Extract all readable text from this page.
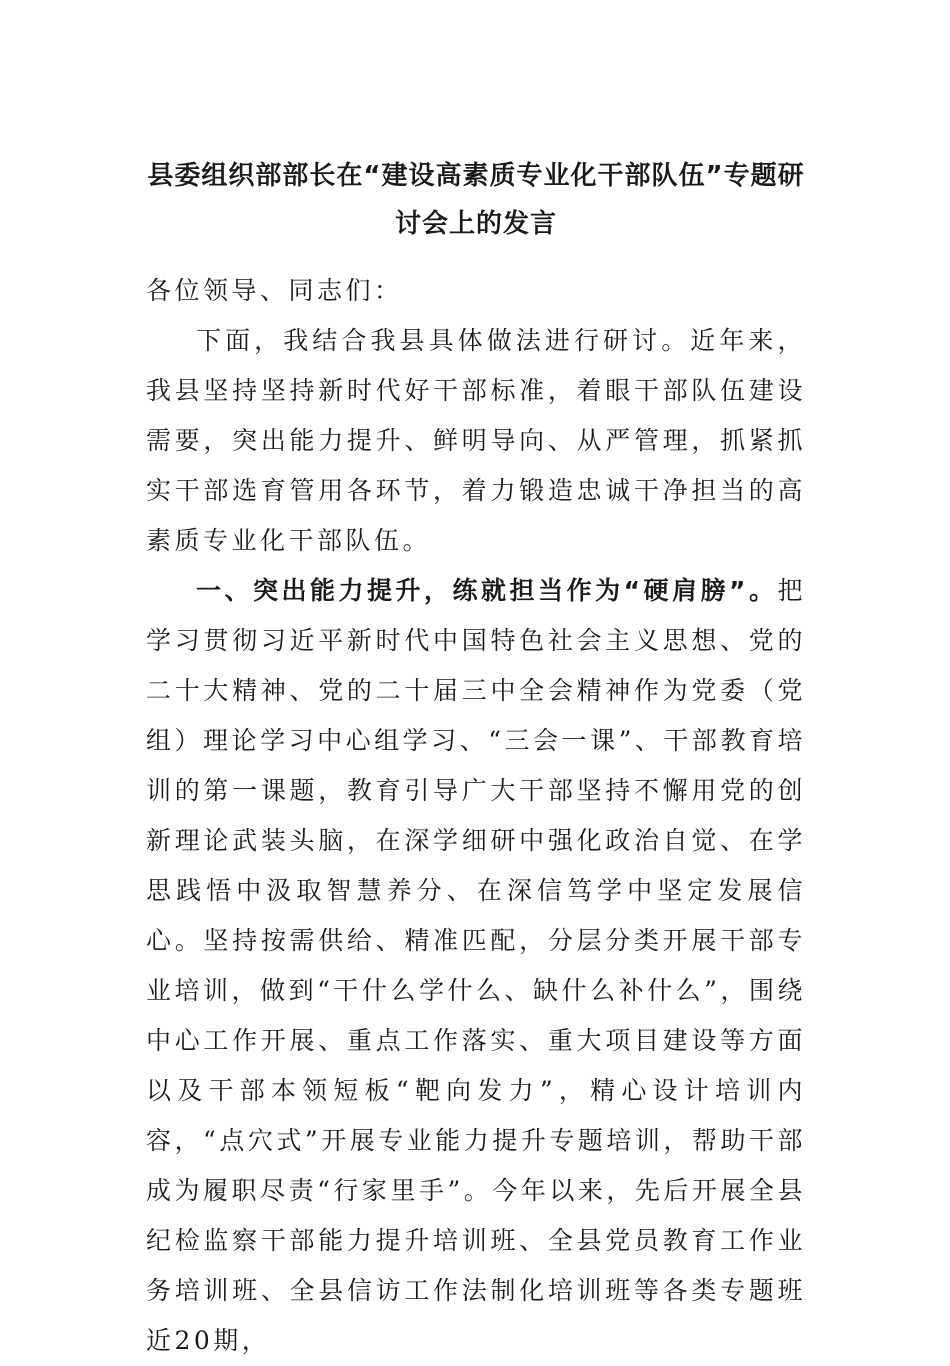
县委组织部部长在“建设高素质专业化干部队伍”专题研讨会上的发言

各位领导、同志们：

下面，我结合我县具体做法进行研讨。近年来，我县坚持坚持新时代好干部标准，着眼干部队伍建设需要，突出能力提升、鲜明导向、从严管理，抓紧抓实干部选育管用各环节，着力锻造忠诚干净担当的高素质专业化干部队伍。

一、突出能力提升，练就担当作为“硬肩膀”。把学习贯彻习近平新时代中国特色社会主义思想、党的二十大精神、党的二十届三中全会精神作为党委（党组）理论学习中心组学习、“三会一课”、干部教育培训的第一课题，教育引导广大干部坚持不懈用党的创新理论武装头脑，在深学细研中强化政治自觉、在学思践悟中汲取智慧养分、在深信笃学中坚定发展信心。坚持按需供给、精准匹配，分层分类开展干部专业培训，做到“干什么学什么、缺什么补什么”，围绕中心工作开展、重点工作落实、重大项目建设等方面以及干部本领短板“靶向发力”，精心设计培训内容，“点穴式”开展专业能力提升专题培训，帮助干部成为履职尽责“行家里手”。今年以来，先后开展全县纪检监察干部能力提升培训班、全县党员教育工作业务培训班、全县信访工作法制化培训班等各类专题班近20期，
